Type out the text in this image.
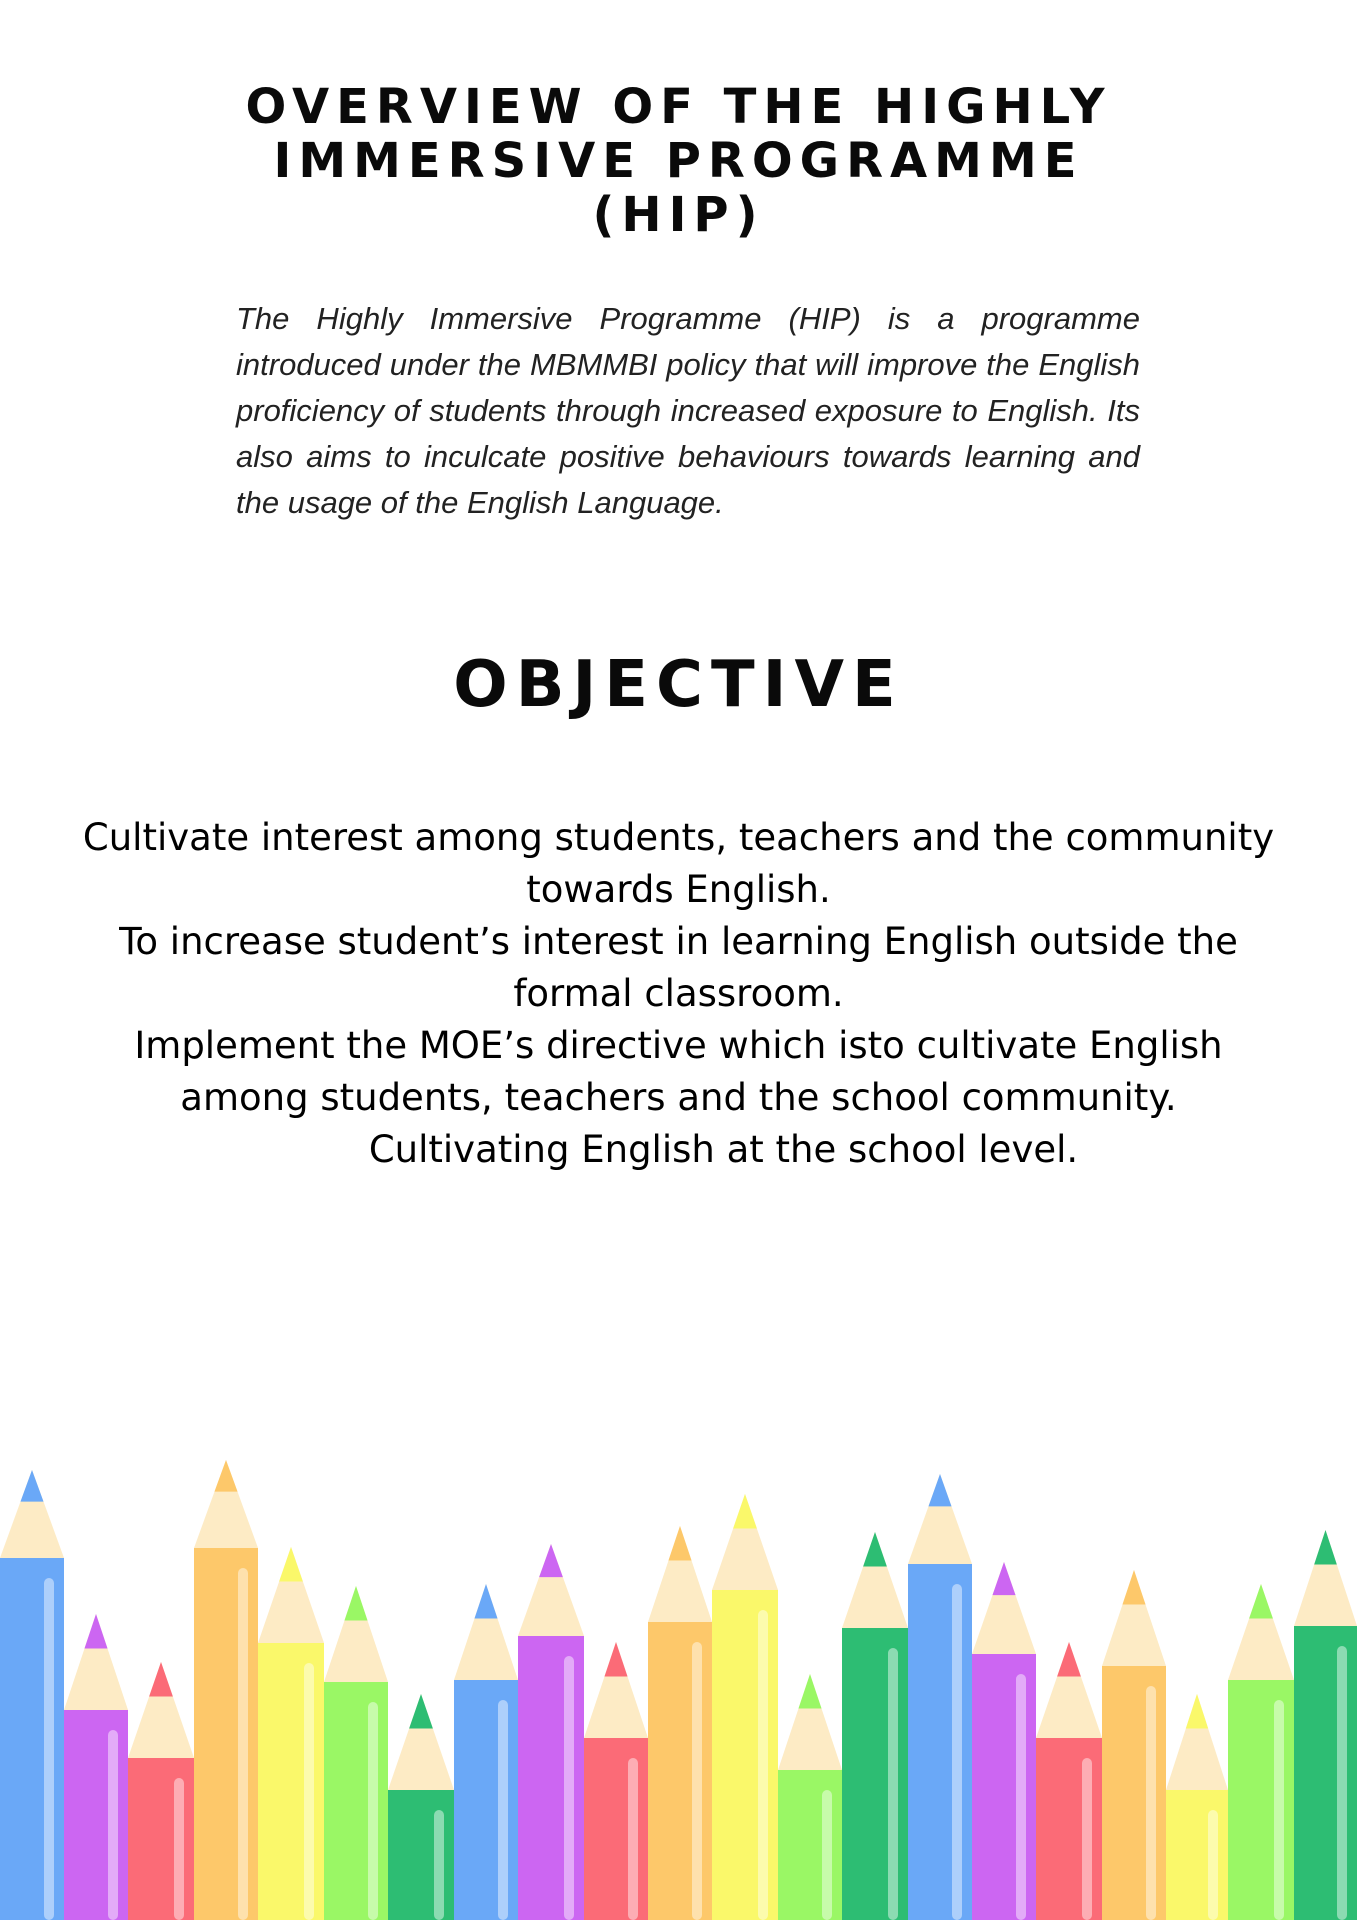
OVERVIEW OF THE HIGHLY
IMMERSIVE PROGRAMME
(HIP)

The Highly Immersive Programme (HIP) is a programme introduced under the MBMMBI policy that will improve the English proficiency of students through increased exposure to English. Its also aims to inculcate positive behaviours towards learning and the usage of the English Language.

OBJECTIVE
Cultivate interest among students, teachers and the community towards English.
To increase student’s interest in learning English outside the formal classroom.
Implement the MOE’s directive which isto cultivate English among students, teachers and the school community.
Cultivating English at the school level.
